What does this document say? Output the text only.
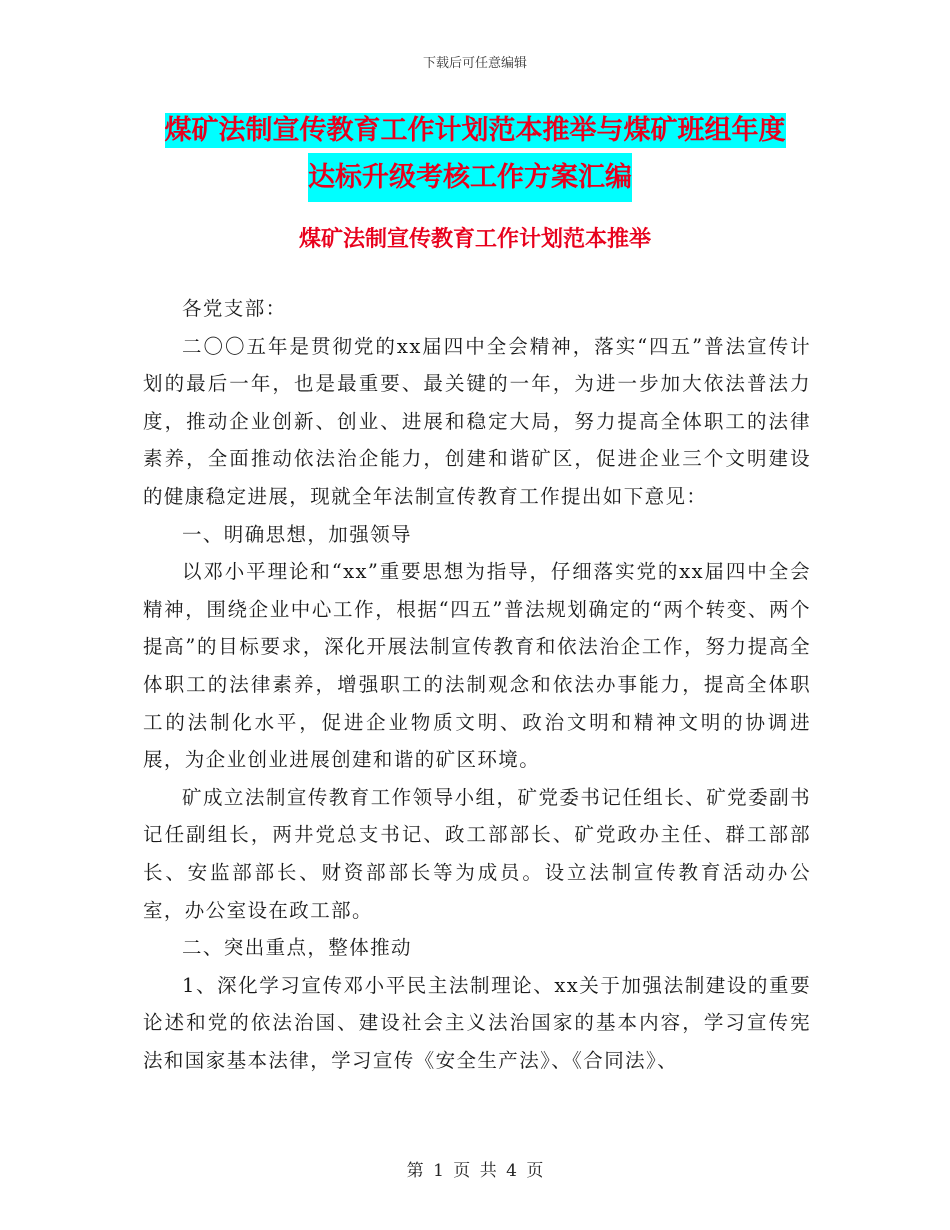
下载后可任意编辑
煤矿法制宣传教育工作计划范本推举与煤矿班组年度
达标升级考核工作方案汇编
煤矿法制宣传教育工作计划范本推举

各党支部：

二〇〇五年是贯彻党的xx届四中全会精神，落实“四五”普法宣传计划的最后一年，也是最重要、最关键的一年，为进一步加大依法普法力度，推动企业创新、创业、进展和稳定大局，努力提高全体职工的法律素养，全面推动依法治企能力，创建和谐矿区，促进企业三个文明建设的健康稳定进展，现就全年法制宣传教育工作提出如下意见：

一、明确思想，加强领导

以邓小平理论和“xx”重要思想为指导，仔细落实党的xx届四中全会精神，围绕企业中心工作，根据“四五”普法规划确定的“两个转变、两个提高”的目标要求，深化开展法制宣传教育和依法治企工作，努力提高全体职工的法律素养，增强职工的法制观念和依法办事能力，提高全体职工的法制化水平，促进企业物质文明、政治文明和精神文明的协调进展，为企业创业进展创建和谐的矿区环境。

矿成立法制宣传教育工作领导小组，矿党委书记任组长、矿党委副书记任副组长，两井党总支书记、政工部部长、矿党政办主任、群工部部长、安监部部长、财资部部长等为成员。设立法制宣传教育活动办公室，办公室设在政工部。

二、突出重点，整体推动

1、深化学习宣传邓小平民主法制理论、xx关于加强法制建设的重要论述和党的依法治国、建设社会主义法治国家的基本内容，学习宣传宪法和国家基本法律，学习宣传《安全生产法》、《合同法》、

第 1 页 共 4 页
